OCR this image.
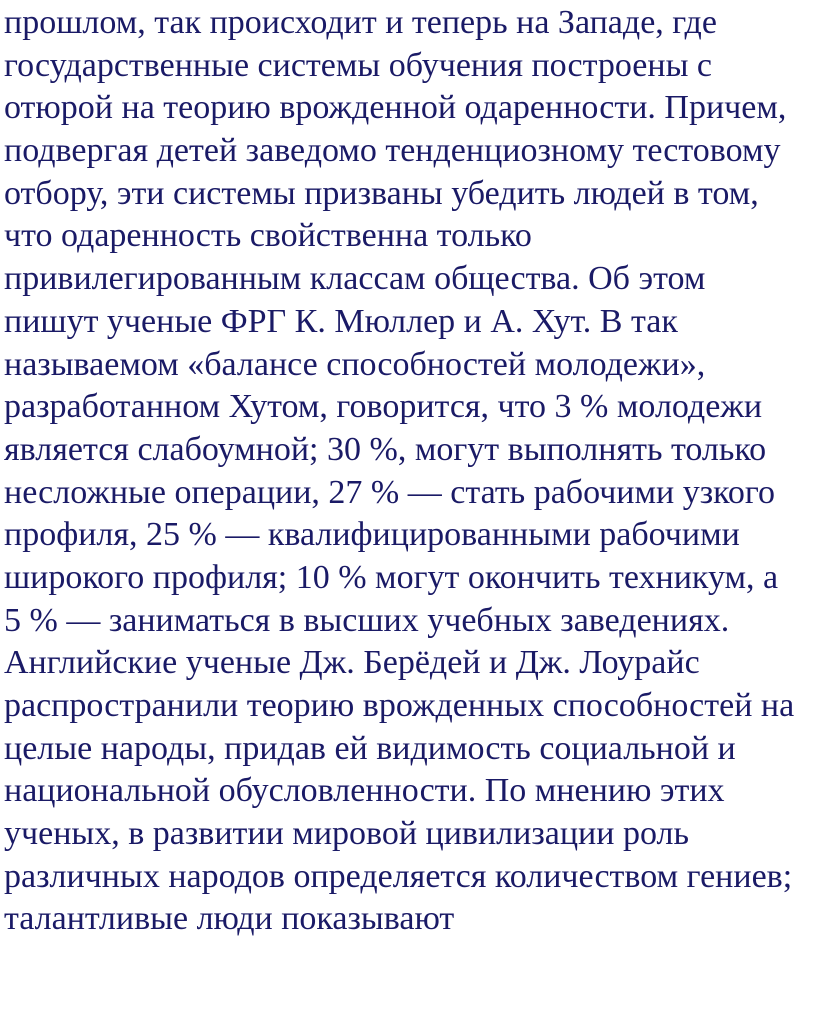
прошлом, так происходит и теперь на Западе, где
государственные системы обучения построены с
отюрой на теорию врожденной одаренности. Причем,
подвергая детей заведомо тенденциозному тестовому
отбору, эти системы призваны убедить людей в том,
что одаренность свойственна только
привилегированным классам общества. Об этом
пишут ученые ФРГ К. Мюллер и А. Хут. В так
называемом «балансе способностей молодежи»,
разработанном Хутом, говорится, что 3 % молодежи
является слабоумной; 30 %, могут выполнять только
несложные операции, 27 % — стать рабочими узкого
профиля, 25 % — квалифицированными рабочими
широкого профиля; 10 % могут окончить техникум, а
5 % — заниматься в высших учебных заведениях.
Английские ученые Дж. Берёдей и Дж. Лоурайс
распространили теорию врожденных способностей на
целые народы, придав ей видимость социальной и
национальной обусловленности. По мнению этих
ученых, в развитии мировой цивилизации роль
различных народов определяется количеством гениев;
талантливые люди показывают
